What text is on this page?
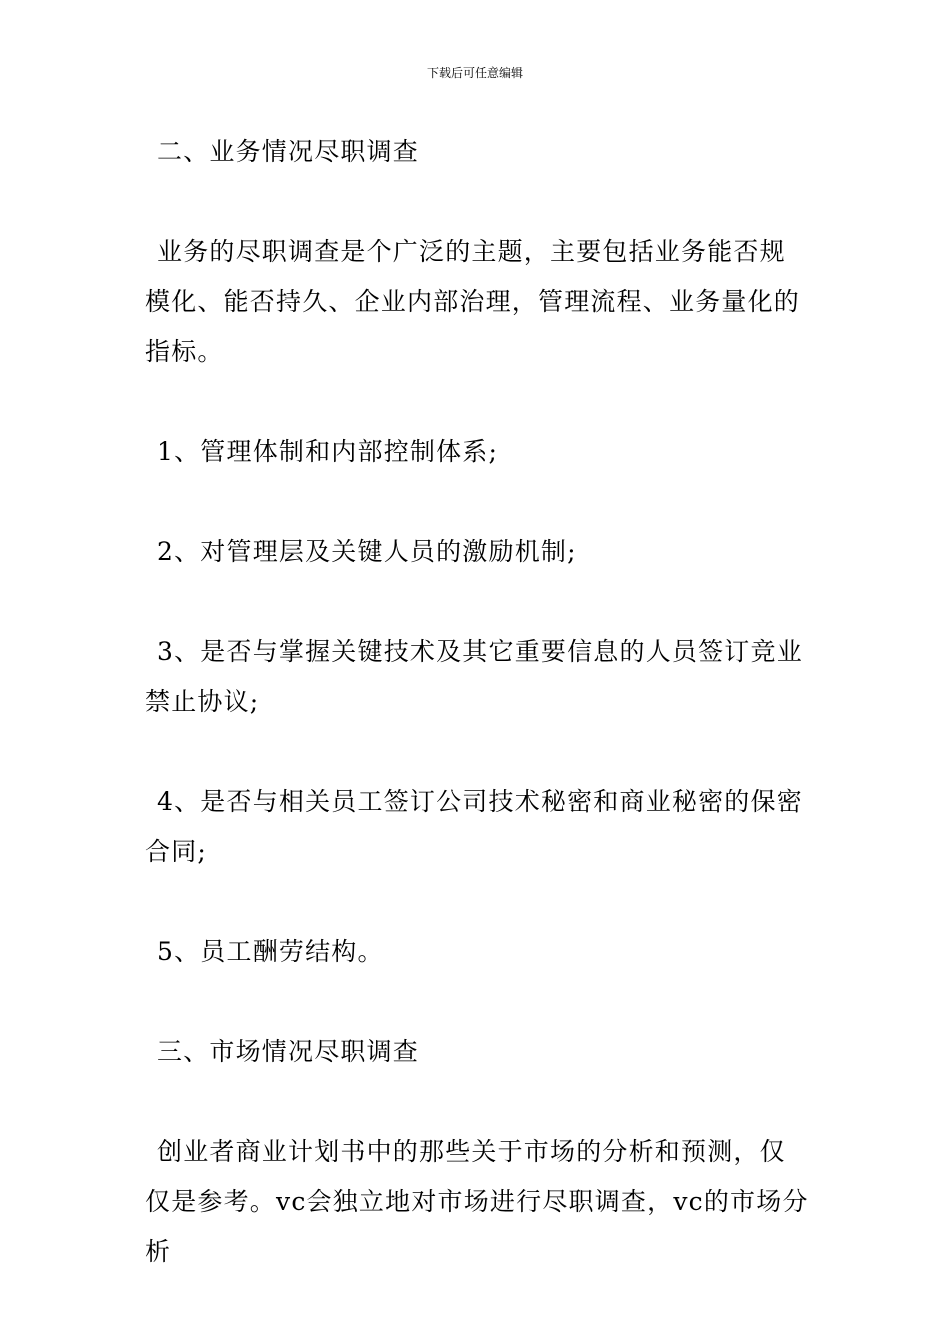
下载后可任意编辑

二、业务情况尽职调查

业务的尽职调查是个广泛的主题，主要包括业务能否规模化、能否持久、企业内部治理，管理流程、业务量化的指标。

1、管理体制和内部控制体系;

2、对管理层及关键人员的激励机制;

3、是否与掌握关键技术及其它重要信息的人员签订竞业禁止协议;

4、是否与相关员工签订公司技术秘密和商业秘密的保密合同;

5、员工酬劳结构。

三、市场情况尽职调查

创业者商业计划书中的那些关于市场的分析和预测，仅仅是参考。vc会独立地对市场进行尽职调查，vc的市场分析
